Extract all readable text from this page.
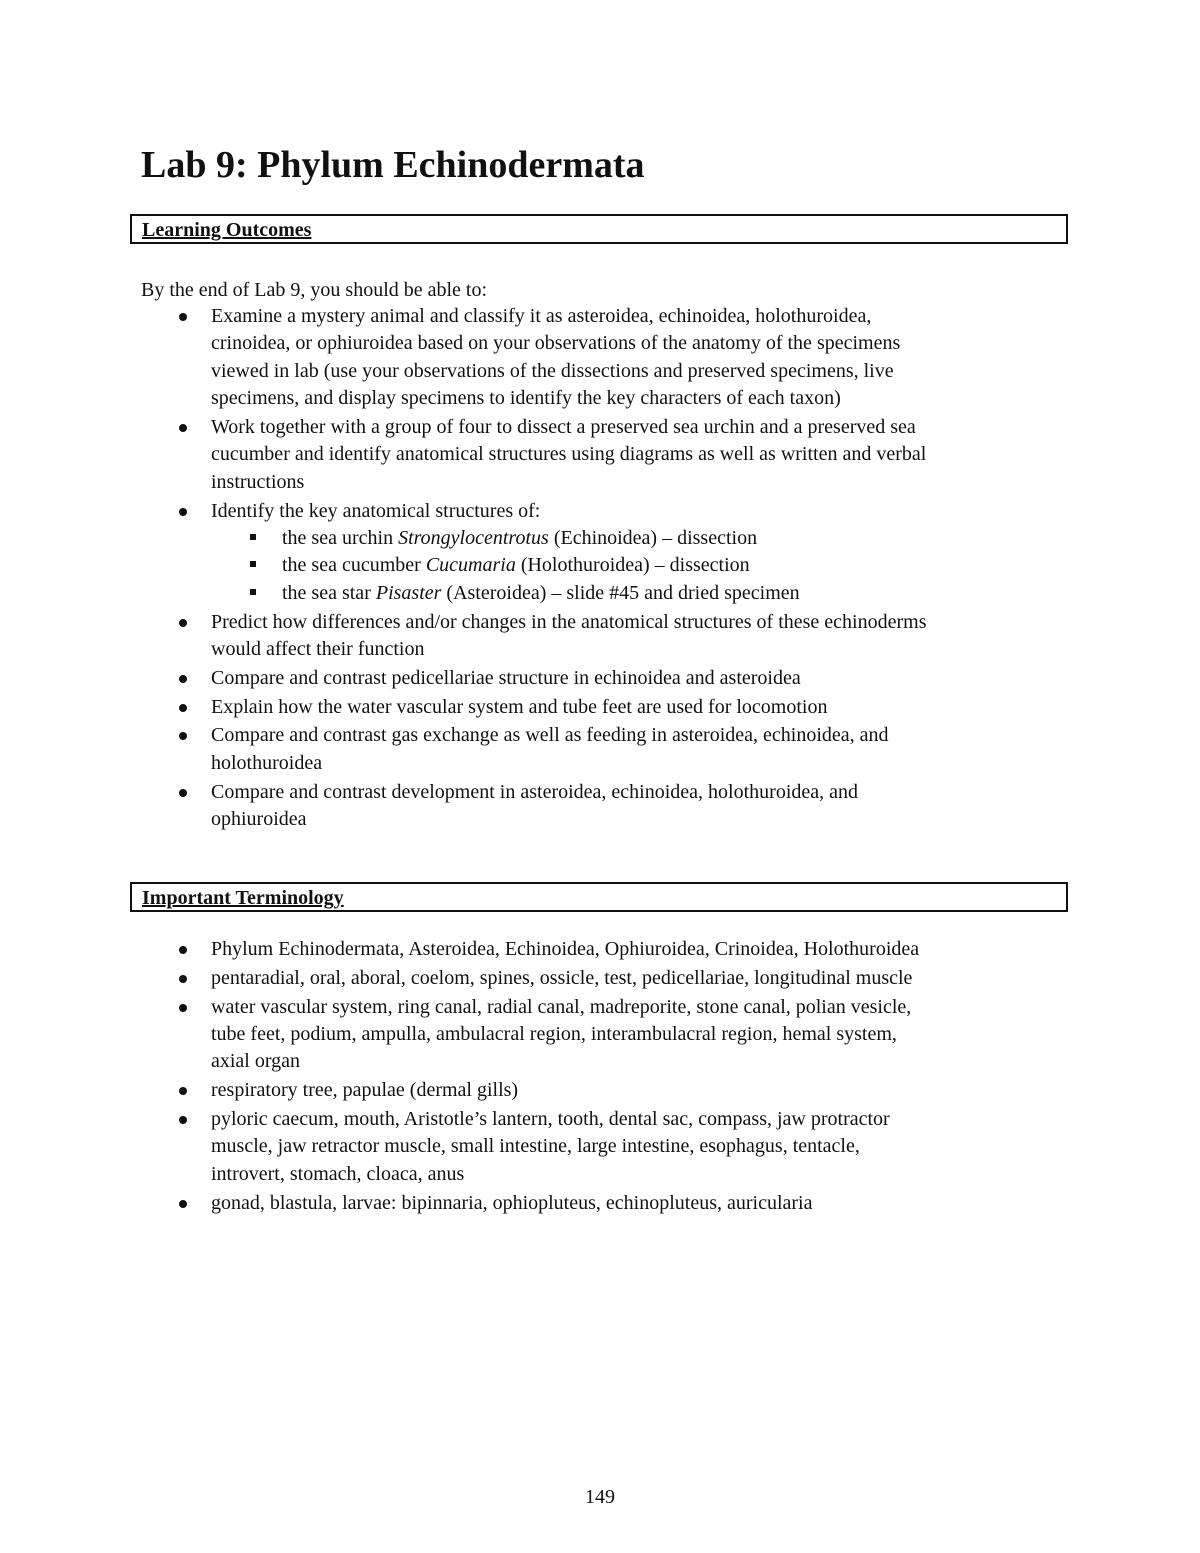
Lab 9: Phylum Echinodermata
Learning Outcomes
By the end of Lab 9, you should be able to:
Examine a mystery animal and classify it as asteroidea, echinoidea, holothuroidea,
crinoidea, or ophiuroidea based on your observations of the anatomy of the specimens
viewed in lab (use your observations of the dissections and preserved specimens, live
specimens, and display specimens to identify the key characters of each taxon)
Work together with a group of four to dissect a preserved sea urchin and a preserved sea
cucumber and identify anatomical structures using diagrams as well as written and verbal
instructions
Identify the key anatomical structures of:
the sea urchin Strongylocentrotus (Echinoidea) – dissection
the sea cucumber Cucumaria (Holothuroidea) – dissection
the sea star Pisaster (Asteroidea) – slide #45 and dried specimen
Predict how differences and/or changes in the anatomical structures of these echinoderms
would affect their function
Compare and contrast pedicellariae structure in echinoidea and asteroidea
Explain how the water vascular system and tube feet are used for locomotion
Compare and contrast gas exchange as well as feeding in asteroidea, echinoidea, and
holothuroidea
Compare and contrast development in asteroidea, echinoidea, holothuroidea, and
ophiuroidea
Important Terminology
Phylum Echinodermata, Asteroidea, Echinoidea, Ophiuroidea, Crinoidea, Holothuroidea
pentaradial, oral, aboral, coelom, spines, ossicle, test, pedicellariae, longitudinal muscle
water vascular system, ring canal, radial canal, madreporite, stone canal, polian vesicle,
tube feet, podium, ampulla, ambulacral region, interambulacral region, hemal system,
axial organ
respiratory tree, papulae (dermal gills)
pyloric caecum, mouth, Aristotle’s lantern, tooth, dental sac, compass, jaw protractor
muscle, jaw retractor muscle, small intestine, large intestine, esophagus, tentacle,
introvert, stomach, cloaca, anus
gonad, blastula, larvae: bipinnaria, ophiopluteus, echinopluteus, auricularia
149
